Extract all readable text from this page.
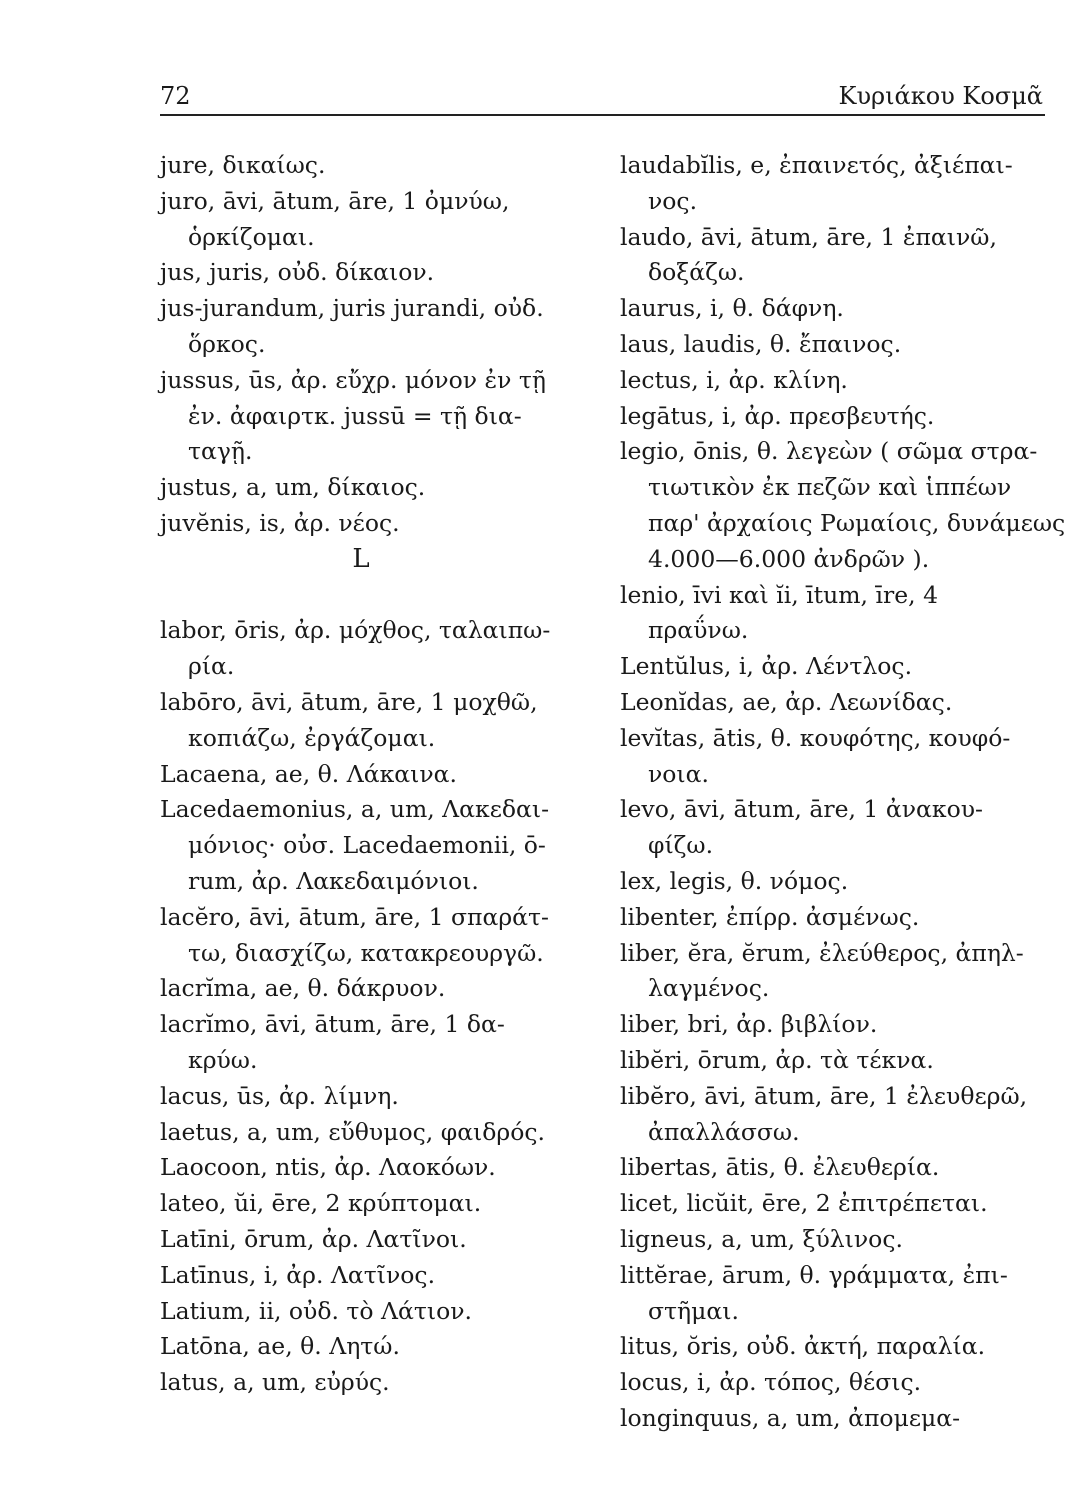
72	Κυριάκου Κοσμᾶ
jure, δικαίως.
juro, āvi, ātum, āre, 1 ὀμνύω,
ὁρκίζομαι.
jus, juris, οὐδ. δίκαιον.
jus-jurandum, juris jurandi, οὐδ.
ὅρκος.
jussus, ūs, ἀρ. εὔχρ. μόνον ἐν τῇ
ἐν. ἀφαιρτκ. jussū = τῇ δια-
ταγῇ.
justus, a, um, δίκαιος.
juvĕnis, is, ἀρ. νέος.
L
labor, ōris, ἀρ. μόχθος, ταλαιπω-
ρία.
labōro, āvi, ātum, āre, 1 μοχθῶ,
κοπιάζω, ἐργάζομαι.
Lacaena, ae, θ. Λάκαινα.
Lacedaemonius, a, um, Λακεδαι-
μόνιος· οὐσ. Lacedaemonii, ō-
rum, ἀρ. Λακεδαιμόνιοι.
lacĕro, āvi, ātum, āre, 1 σπαράτ-
τω, διασχίζω, κατακρεουργῶ.
lacrĭma, ae, θ. δάκρυον.
lacrĭmo, āvi, ātum, āre, 1 δα-
κρύω.
lacus, ūs, ἀρ. λίμνη.
laetus, a, um, εὔθυμος, φαιδρός.
Laocoon, ntis, ἀρ. Λαοκόων.
lateo, ŭi, ēre, 2 κρύπτομαι.
Latīni, ōrum, ἀρ. Λατῖνοι.
Latīnus, i, ἀρ. Λατῖνος.
Latium, ii, οὐδ. τὸ Λάτιον.
Latōna, ae, θ. Λητώ.
latus, a, um, εὐρύς.
laudabĭlis, e, ἐπαινετός, ἀξιέπαι-
νος.
laudo, āvi, ātum, āre, 1 ἐπαινῶ,
δοξάζω.
laurus, i, θ. δάφνη.
laus, laudis, θ. ἔπαινος.
lectus, i, ἀρ. κλίνη.
legātus, i, ἀρ. πρεσβευτής.
legio, ōnis, θ. λεγεὼν ( σῶμα στρα-
τιωτικὸν ἐκ πεζῶν καὶ ἱππέων
παρ' ἀρχαίοις Ρωμαίοις, δυνάμεως
4.000—6.000 ἀνδρῶν ).
lenio, īvi καὶ ĭi, ītum, īre, 4
πραΰνω.
Lentŭlus, i, ἀρ. Λέντλος.
Leonĭdas, ae, ἀρ. Λεωνίδας.
levĭtas, ātis, θ. κουφότης, κουφό-
νοια.
levo, āvi, ātum, āre, 1 ἀνακου-
φίζω.
lex, legis, θ. νόμος.
libenter, ἐπίρρ. ἀσμένως.
liber, ĕra, ĕrum, ἐλεύθερος, ἀπηλ-
λαγμένος.
liber, bri, ἀρ. βιβλίον.
libĕri, ōrum, ἀρ. τὰ τέκνα.
libĕro, āvi, ātum, āre, 1 ἐλευθερῶ,
ἀπαλλάσσω.
libertas, ātis, θ. ἐλευθερία.
licet, licŭit, ēre, 2 ἐπιτρέπεται.
ligneus, a, um, ξύλινος.
littĕrae, ārum, θ. γράμματα, ἐπι-
στῆμαι.
litus, ŏris, οὐδ. ἀκτή, παραλία.
locus, i, ἀρ. τόπος, θέσις.
longinquus, a, um, ἀπομεμα-
